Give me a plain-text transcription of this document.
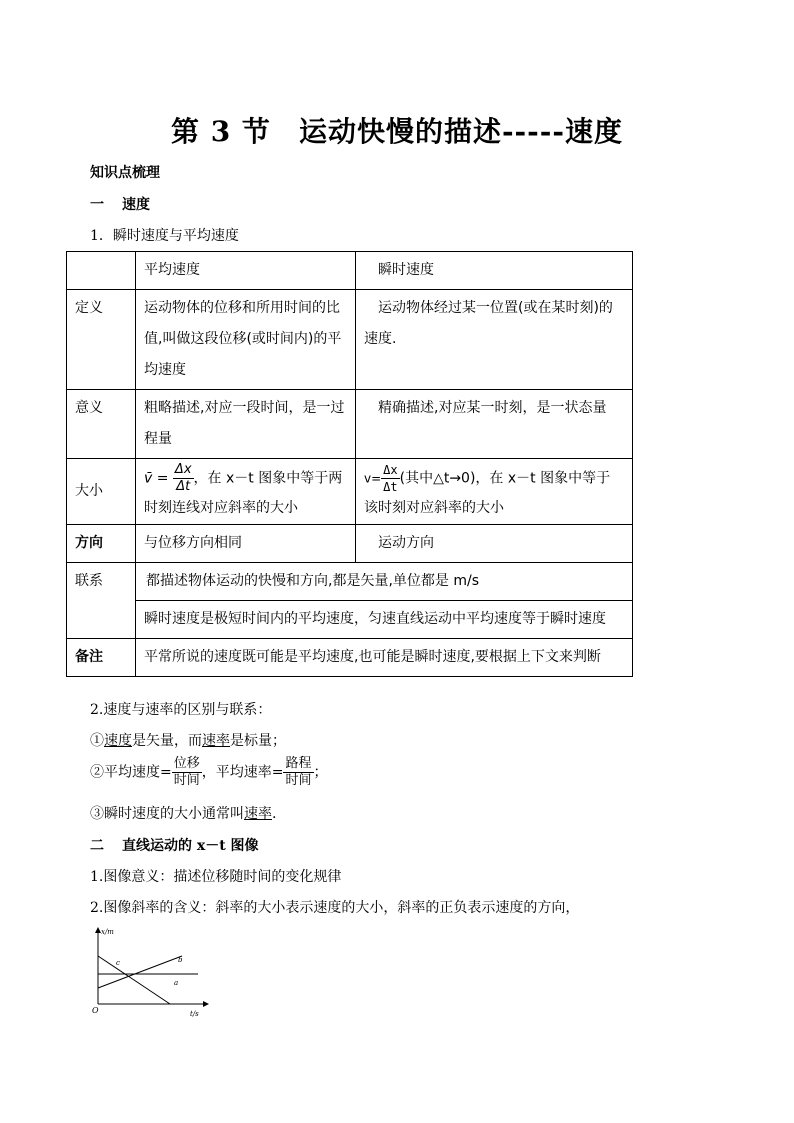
第 3 节 运动快慢的描述-----速度
知识点梳理
一 速度
1．瞬时速度与平均速度
	平均速度	瞬时速度
定义	运动物体的位移和所用时间的比值,叫做这段位移(或时间内)的平均速度	运动物体经过某一位置(或在某时刻)的速度.
意义	粗略描述,对应一段时间，是一过程量	精确描述,对应某一时刻，是一状态量
大小	v̄ = $\frac{\Delta x}{\Delta t}$ ，在 x－t 图象中等于两时刻连线对应斜率的大小	$v= \frac{\Delta x}{\Delta t}$ (其中△t→0)，在 x－t 图象中等于该时刻对应斜率的大小
方向	与位移方向相同	运动方向
联系	都描述物体运动的快慢和方向,都是矢量,单位都是 m/s	
	瞬时速度是极短时间内的平均速度，匀速直线运动中平均速度等于瞬时速度	
备注	平常所说的速度既可能是平均速度,也可能是瞬时速度,要根据上下文来判断	
2.速度与速率的区别与联系：
①速度是矢量，而速率是标量；
②平均速度= $\frac{\text{位移}}{\text{时间}}$ ，平均速率= $\frac{\text{路程}}{\text{时间}}$ ；
③瞬时速度的大小通常叫速率.
二 直线运动的 x－t 图像
1.图像意义：描述位移随时间的变化规律
2.图像斜率的含义：斜率的大小表示速度的大小，斜率的正负表示速度的方向，
x/m
t/s
O
a
b
c
